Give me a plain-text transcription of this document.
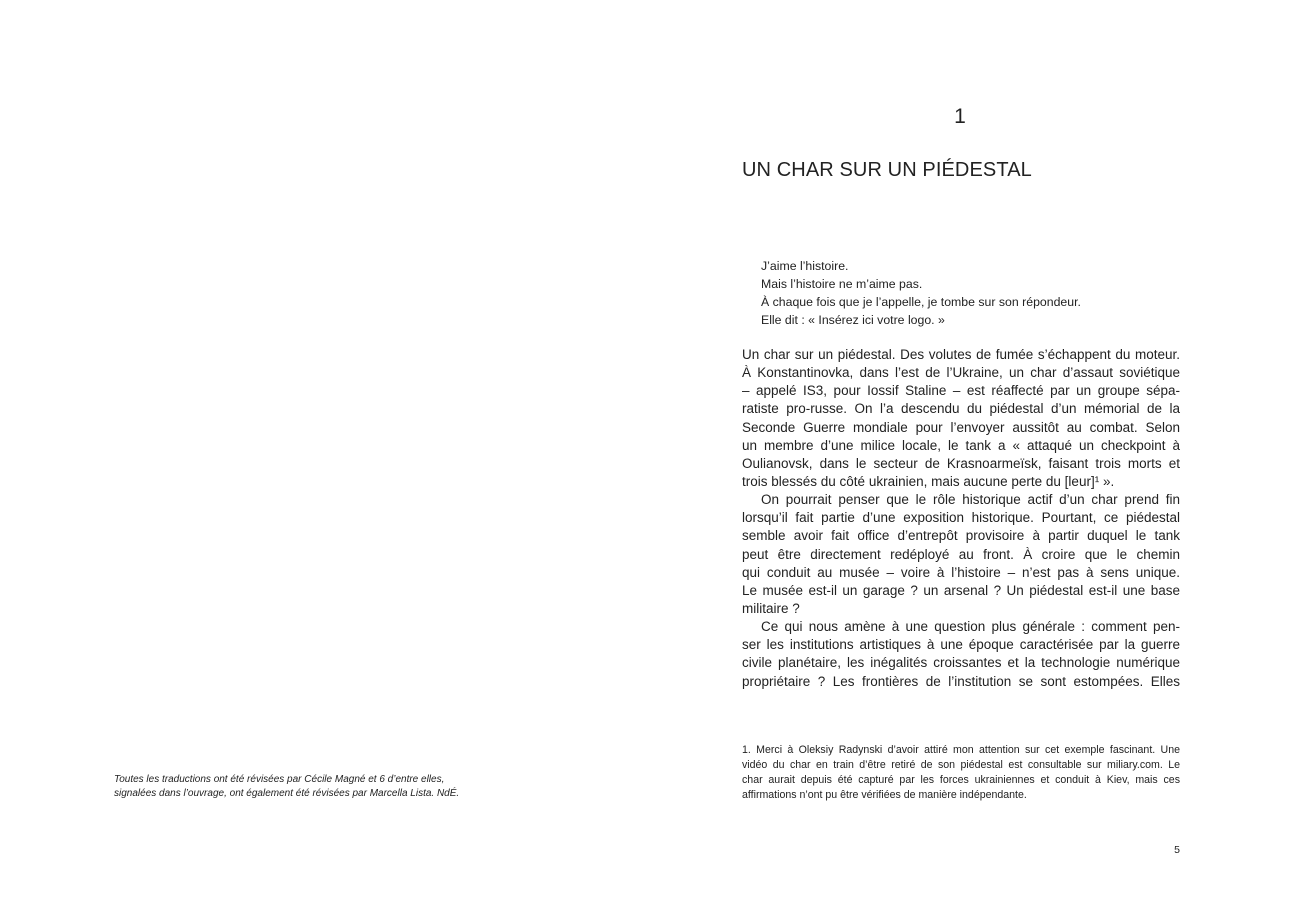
Toutes les traductions ont été révisées par Cécile Magné et 6 d’entre elles,
signalées dans l’ouvrage, ont également été révisées par Marcella Lista. NdÉ.
1
UN CHAR SUR UN PIÉDESTAL
J’aime l’histoire.
Mais l’histoire ne m’aime pas.
À chaque fois que je l’appelle, je tombe sur son répondeur.
Elle dit : « Insérez ici votre logo. »
Un char sur un piédestal. Des volutes de fumée s’échappent du moteur.
À Konstantinovka, dans l’est de l’Ukraine, un char d’assaut soviétique
– appelé IS3, pour Iossif Staline – est réaffecté par un groupe sépa-
ratiste pro-russe. On l’a descendu du piédestal d’un mémorial de la
Seconde Guerre mondiale pour l’envoyer aussitôt au combat. Selon
un membre d’une milice locale, le tank a « attaqué un checkpoint à
Oulianovsk, dans le secteur de Krasnoarmeïsk, faisant trois morts et
trois blessés du côté ukrainien, mais aucune perte du [leur]¹ ».
On pourrait penser que le rôle historique actif d’un char prend fin
lorsqu’il fait partie d’une exposition historique. Pourtant, ce piédestal
semble avoir fait office d’entrepôt provisoire à partir duquel le tank
peut être directement redéployé au front. À croire que le chemin
qui conduit au musée – voire à l’histoire – n’est pas à sens unique.
Le musée est-il un garage ? un arsenal ? Un piédestal est-il une base
militaire ?
Ce qui nous amène à une question plus générale : comment pen-
ser les institutions artistiques à une époque caractérisée par la guerre
civile planétaire, les inégalités croissantes et la technologie numérique
propriétaire ? Les frontières de l’institution se sont estompées. Elles
1. Merci à Oleksiy Radynski d’avoir attiré mon attention sur cet exemple fascinant. Une
vidéo du char en train d’être retiré de son piédestal est consultable sur miliary.com. Le
char aurait depuis été capturé par les forces ukrainiennes et conduit à Kiev, mais ces
affirmations n’ont pu être vérifiées de manière indépendante.
5
